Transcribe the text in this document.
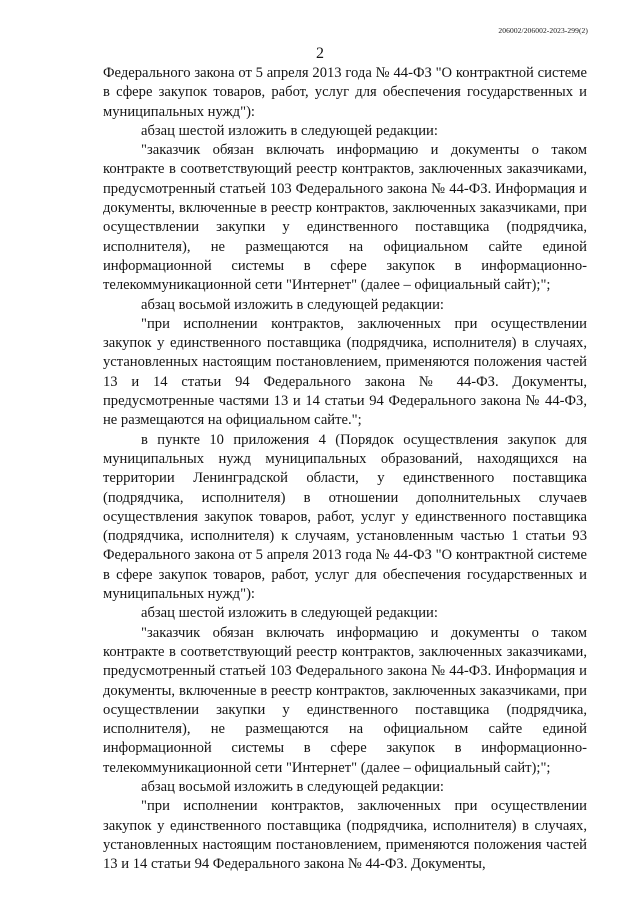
206002/206002-2023-299(2)
2

Федерального закона от 5 апреля 2013 года № 44-ФЗ "О контрактной системе в сфере закупок товаров, работ, услуг для обеспечения государственных и муниципальных нужд"):

абзац шестой изложить в следующей редакции:

"заказчик обязан включать информацию и документы о таком контракте в соответствующий реестр контрактов, заключенных заказчиками, предусмотренный статьей 103 Федерального закона № 44-ФЗ. Информация и документы, включенные в реестр контрактов, заключенных заказчиками, при осуществлении закупки у единственного поставщика (подрядчика, исполнителя), не размещаются на официальном сайте единой информационной системы в сфере закупок в информационно-телекоммуникационной сети "Интернет" (далее – официальный сайт);";

абзац восьмой изложить в следующей редакции:

"при исполнении контрактов, заключенных при осуществлении закупок у единственного поставщика (подрядчика, исполнителя) в случаях, установленных настоящим постановлением, применяются положения частей 13 и 14 статьи 94 Федерального закона № 44-ФЗ. Документы, предусмотренные частями 13 и 14 статьи 94 Федерального закона № 44-ФЗ, не размещаются на официальном сайте.";

в пункте 10 приложения 4 (Порядок осуществления закупок для муниципальных нужд муниципальных образований, находящихся на территории Ленинградской области, у единственного поставщика (подрядчика, исполнителя) в отношении дополнительных случаев осуществления закупок товаров, работ, услуг у единственного поставщика (подрядчика, исполнителя) к случаям, установленным частью 1 статьи 93 Федерального закона от 5 апреля 2013 года № 44-ФЗ "О контрактной системе в сфере закупок товаров, работ, услуг для обеспечения государственных и муниципальных нужд"):

абзац шестой изложить в следующей редакции:

"заказчик обязан включать информацию и документы о таком контракте в соответствующий реестр контрактов, заключенных заказчиками, предусмотренный статьей 103 Федерального закона № 44-ФЗ. Информация и документы, включенные в реестр контрактов, заключенных заказчиками, при осуществлении закупки у единственного поставщика (подрядчика, исполнителя), не размещаются на официальном сайте единой информационной системы в сфере закупок в информационно-телекоммуникационной сети "Интернет" (далее – официальный сайт);";

абзац восьмой изложить в следующей редакции:

"при исполнении контрактов, заключенных при осуществлении закупок у единственного поставщика (подрядчика, исполнителя) в случаях, установленных настоящим постановлением, применяются положения частей 13 и 14 статьи 94 Федерального закона № 44-ФЗ. Документы,
